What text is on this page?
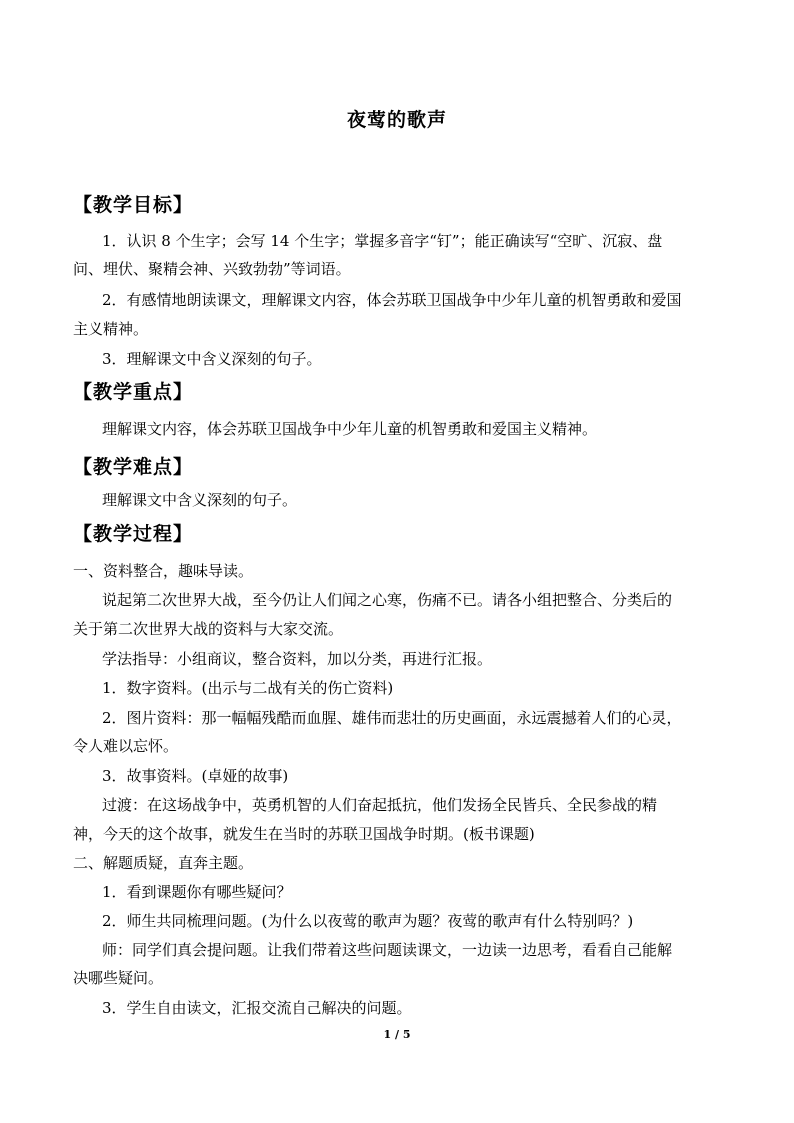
夜莺的歌声
【教学目标】
1．认识 8 个生字；会写 14 个生字；掌握多音字“钉”；能正确读写“空旷、沉寂、盘
问、埋伏、聚精会神、兴致勃勃”等词语。
2．有感情地朗读课文，理解课文内容，体会苏联卫国战争中少年儿童的机智勇敢和爱国
主义精神。
3．理解课文中含义深刻的句子。
【教学重点】
理解课文内容，体会苏联卫国战争中少年儿童的机智勇敢和爱国主义精神。
【教学难点】
理解课文中含义深刻的句子。
【教学过程】
一、资料整合，趣味导读。
说起第二次世界大战，至今仍让人们闻之心寒，伤痛不已。请各小组把整合、分类后的
关于第二次世界大战的资料与大家交流。
学法指导：小组商议，整合资料，加以分类，再进行汇报。
1．数字资料。(出示与二战有关的伤亡资料)
2．图片资料：那一幅幅残酷而血腥、雄伟而悲壮的历史画面，永远震撼着人们的心灵，
令人难以忘怀。
3．故事资料。(卓娅的故事)
过渡：在这场战争中，英勇机智的人们奋起抵抗，他们发扬全民皆兵、全民参战的精
神，今天的这个故事，就发生在当时的苏联卫国战争时期。(板书课题)
二、解题质疑，直奔主题。
1．看到课题你有哪些疑问？
2．师生共同梳理问题。(为什么以夜莺的歌声为题？夜莺的歌声有什么特别吗？)
师：同学们真会提问题。让我们带着这些问题读课文，一边读一边思考，看看自己能解
决哪些疑问。
3．学生自由读文，汇报交流自己解决的问题。
1 / 5
